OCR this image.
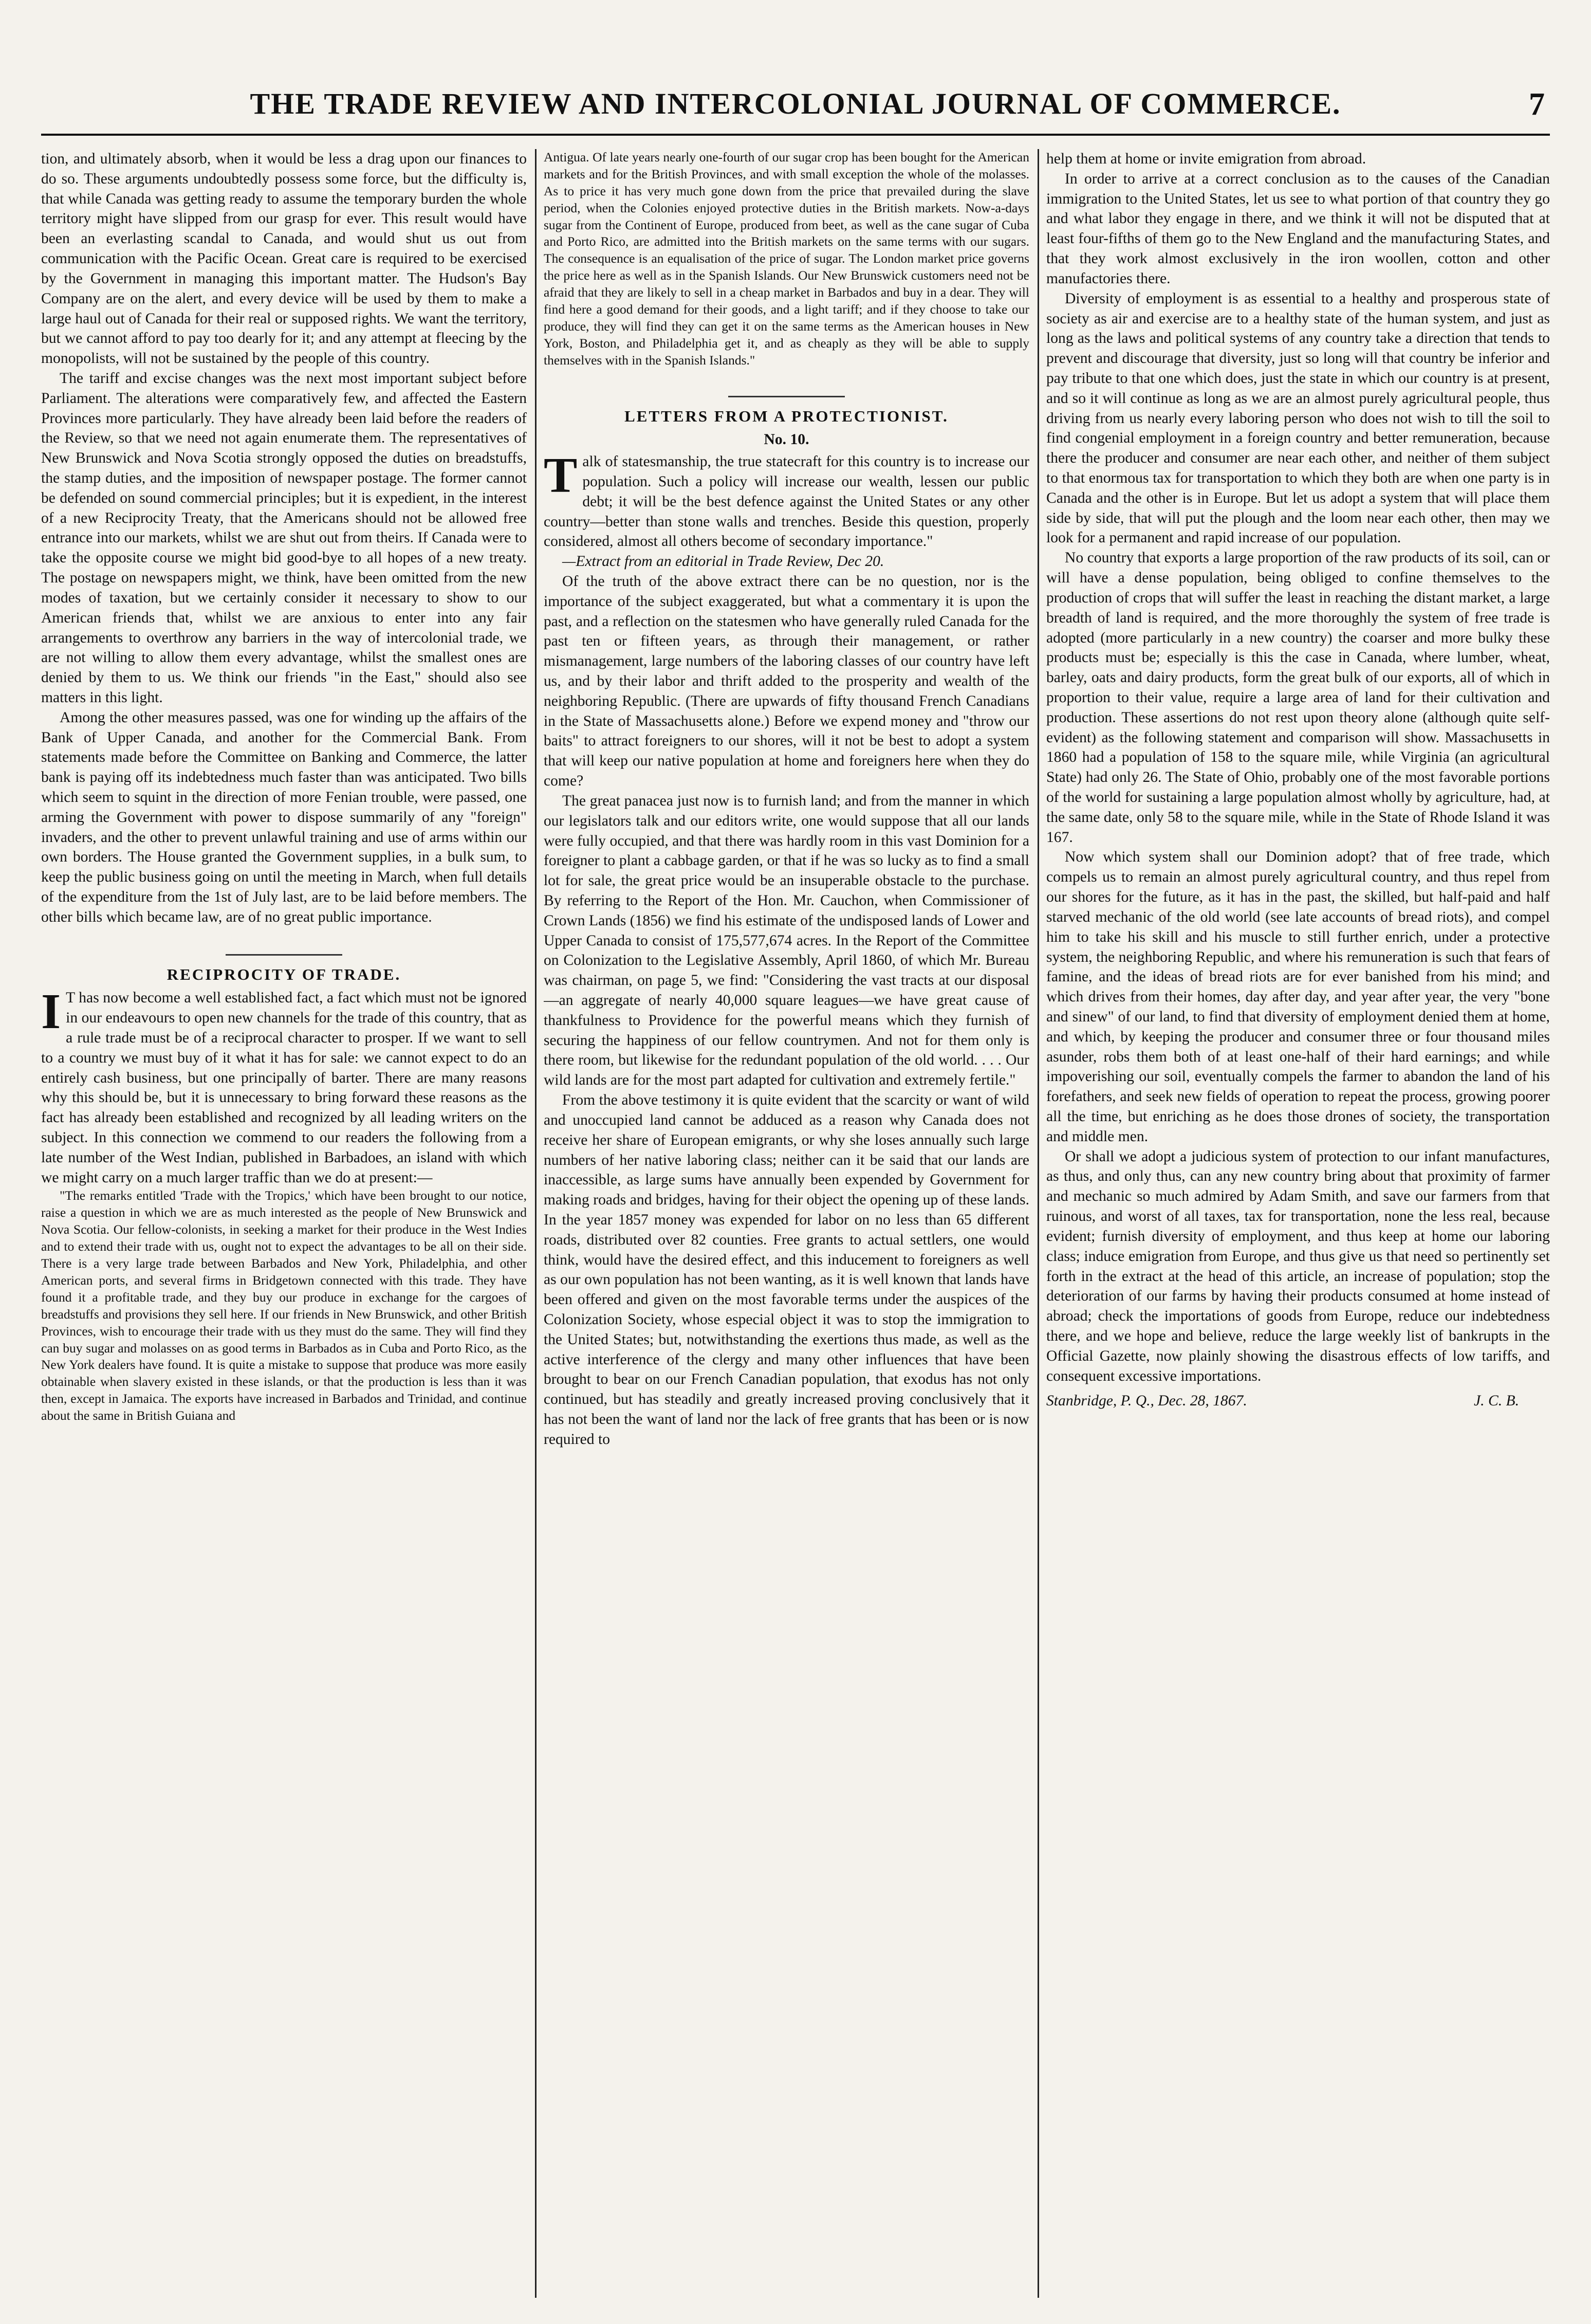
THE TRADE REVIEW AND INTERCOLONIAL JOURNAL OF COMMERCE.	7

tion, and ultimately absorb, when it would be less a drag upon our finances to do so. These arguments undoubtedly possess some force, but the difficulty is, that while Canada was getting ready to assume the temporary burden the whole territory might have slipped from our grasp for ever. This result would have been an everlasting scandal to Canada, and would shut us out from communication with the Pacific Ocean. Great care is required to be exercised by the Government in managing this important matter. The Hudson's Bay Company are on the alert, and every device will be used by them to make a large haul out of Canada for their real or supposed rights. We want the territory, but we cannot afford to pay too dearly for it; and any attempt at fleecing by the monopolists, will not be sustained by the people of this country.

The tariff and excise changes was the next most important subject before Parliament. The alterations were comparatively few, and affected the Eastern Provinces more particularly. They have already been laid before the readers of the Review, so that we need not again enumerate them. The representatives of New Brunswick and Nova Scotia strongly opposed the duties on breadstuffs, the stamp duties, and the imposition of newspaper postage. The former cannot be defended on sound commercial principles; but it is expedient, in the interest of a new Reciprocity Treaty, that the Americans should not be allowed free entrance into our markets, whilst we are shut out from theirs. If Canada were to take the opposite course we might bid good-bye to all hopes of a new treaty. The postage on newspapers might, we think, have been omitted from the new modes of taxation, but we certainly consider it necessary to show to our American friends that, whilst we are anxious to enter into any fair arrangements to overthrow any barriers in the way of intercolonial trade, we are not willing to allow them every advantage, whilst the smallest ones are denied by them to us. We think our friends "in the East," should also see matters in this light.

Among the other measures passed, was one for winding up the affairs of the Bank of Upper Canada, and another for the Commercial Bank. From statements made before the Committee on Banking and Commerce, the latter bank is paying off its indebtedness much faster than was anticipated. Two bills which seem to squint in the direction of more Fenian trouble, were passed, one arming the Government with power to dispose summarily of any "foreign" invaders, and the other to prevent unlawful training and use of arms within our own borders. The House granted the Government supplies, in a bulk sum, to keep the public business going on until the meeting in March, when full details of the expenditure from the 1st of July last, are to be laid before members. The other bills which became law, are of no great public importance.

RECIPROCITY OF TRADE.

I T has now become a well established fact, a fact which must not be ignored in our endeavours to open new channels for the trade of this country, that as a rule trade must be of a reciprocal character to prosper. If we want to sell to a country we must buy of it what it has for sale: we cannot expect to do an entirely cash business, but one principally of barter. There are many reasons why this should be, but it is unnecessary to bring forward these reasons as the fact has already been established and recognized by all leading writers on the subject. In this connection we commend to our readers the following from a late number of the West Indian, published in Barbadoes, an island with which we might carry on a much larger traffic than we do at present:—

"The remarks entitled 'Trade with the Tropics,' which have been brought to our notice, raise a question in which we are as much interested as the people of New Brunswick and Nova Scotia. Our fellow-colonists, in seeking a market for their produce in the West Indies and to extend their trade with us, ought not to expect the advantages to be all on their side. There is a very large trade between Barbados and New York, Philadelphia, and other American ports, and several firms in Bridgetown connected with this trade. They have found it a profitable trade, and they buy our produce in exchange for the cargoes of breadstuffs and provisions they sell here. If our friends in New Brunswick, and other British Provinces, wish to encourage their trade with us they must do the same. They will find they can buy sugar and molasses on as good terms in Barbados as in Cuba and Porto Rico, as the New York dealers have found. It is quite a mistake to suppose that produce was more easily obtainable when slavery existed in these islands, or that the production is less than it was then, except in Jamaica. The exports have increased in Barbados and Trinidad, and continue about the same in British Guiana and

Antigua. Of late years nearly one-fourth of our sugar crop has been bought for the American markets and for the British Provinces, and with small exception the whole of the molasses. As to price it has very much gone down from the price that prevailed during the slave period, when the Colonies enjoyed protective duties in the British markets. Now-a-days sugar from the Continent of Europe, produced from beet, as well as the cane sugar of Cuba and Porto Rico, are admitted into the British markets on the same terms with our sugars. The consequence is an equalisation of the price of sugar. The London market price governs the price here as well as in the Spanish Islands. Our New Brunswick customers need not be afraid that they are likely to sell in a cheap market in Barbados and buy in a dear. They will find here a good demand for their goods, and a light tariff; and if they choose to take our produce, they will find they can get it on the same terms as the American houses in New York, Boston, and Philadelphia get it, and as cheaply as they will be able to supply themselves with in the Spanish Islands."

LETTERS FROM A PROTECTIONIST.
No. 10.

Talk of statesmanship, the true statecraft for this country is to increase our population. Such a policy will increase our wealth, lessen our public debt; it will be the best defence against the United States or any other country—better than stone walls and trenches. Beside this question, properly considered, almost all others become of secondary importance."

—Extract from an editorial in Trade Review, Dec 20.

Of the truth of the above extract there can be no question, nor is the importance of the subject exaggerated, but what a commentary it is upon the past, and a reflection on the statesmen who have generally ruled Canada for the past ten or fifteen years, as through their management, or rather mismanagement, large numbers of the laboring classes of our country have left us, and by their labor and thrift added to the prosperity and wealth of the neighboring Republic. (There are upwards of fifty thousand French Canadians in the State of Massachusetts alone.) Before we expend money and "throw our baits" to attract foreigners to our shores, will it not be best to adopt a system that will keep our native population at home and foreigners here when they do come?

The great panacea just now is to furnish land; and from the manner in which our legislators talk and our editors write, one would suppose that all our lands were fully occupied, and that there was hardly room in this vast Dominion for a foreigner to plant a cabbage garden, or that if he was so lucky as to find a small lot for sale, the great price would be an insuperable obstacle to the purchase. By referring to the Report of the Hon. Mr. Cauchon, when Commissioner of Crown Lands (1856) we find his estimate of the undisposed lands of Lower and Upper Canada to consist of 175,577,674 acres. In the Report of the Committee on Colonization to the Legislative Assembly, April 1860, of which Mr. Bureau was chairman, on page 5, we find: "Considering the vast tracts at our disposal—an aggregate of nearly 40,000 square leagues—we have great cause of thankfulness to Providence for the powerful means which they furnish of securing the happiness of our fellow countrymen. And not for them only is there room, but likewise for the redundant population of the old world. . . . Our wild lands are for the most part adapted for cultivation and extremely fertile."

From the above testimony it is quite evident that the scarcity or want of wild and unoccupied land cannot be adduced as a reason why Canada does not receive her share of European emigrants, or why she loses annually such large numbers of her native laboring class; neither can it be said that our lands are inaccessible, as large sums have annually been expended by Government for making roads and bridges, having for their object the opening up of these lands. In the year 1857 money was expended for labor on no less than 65 different roads, distributed over 82 counties. Free grants to actual settlers, one would think, would have the desired effect, and this inducement to foreigners as well as our own population has not been wanting, as it is well known that lands have been offered and given on the most favorable terms under the auspices of the Colonization Society, whose especial object it was to stop the immigration to the United States; but, notwithstanding the exertions thus made, as well as the active interference of the clergy and many other influences that have been brought to bear on our French Canadian population, that exodus has not only continued, but has steadily and greatly increased proving conclusively that it has not been the want of land nor the lack of free grants that has been or is now required to

help them at home or invite emigration from abroad.

In order to arrive at a correct conclusion as to the causes of the Canadian immigration to the United States, let us see to what portion of that country they go and what labor they engage in there, and we think it will not be disputed that at least four-fifths of them go to the New England and the manufacturing States, and that they work almost exclusively in the iron woollen, cotton and other manufactories there.

Diversity of employment is as essential to a healthy and prosperous state of society as air and exercise are to a healthy state of the human system, and just as long as the laws and political systems of any country take a direction that tends to prevent and discourage that diversity, just so long will that country be inferior and pay tribute to that one which does, just the state in which our country is at present, and so it will continue as long as we are an almost purely agricultural people, thus driving from us nearly every laboring person who does not wish to till the soil to find congenial employment in a foreign country and better remuneration, because there the producer and consumer are near each other, and neither of them subject to that enormous tax for transportation to which they both are when one party is in Canada and the other is in Europe. But let us adopt a system that will place them side by side, that will put the plough and the loom near each other, then may we look for a permanent and rapid increase of our population.

No country that exports a large proportion of the raw products of its soil, can or will have a dense population, being obliged to confine themselves to the production of crops that will suffer the least in reaching the distant market, a large breadth of land is required, and the more thoroughly the system of free trade is adopted (more particularly in a new country) the coarser and more bulky these products must be; especially is this the case in Canada, where lumber, wheat, barley, oats and dairy products, form the great bulk of our exports, all of which in proportion to their value, require a large area of land for their cultivation and production. These assertions do not rest upon theory alone (although quite self-evident) as the following statement and comparison will show. Massachusetts in 1860 had a population of 158 to the square mile, while Virginia (an agricultural State) had only 26. The State of Ohio, probably one of the most favorable portions of the world for sustaining a large population almost wholly by agriculture, had, at the same date, only 58 to the square mile, while in the State of Rhode Island it was 167.

Now which system shall our Dominion adopt? that of free trade, which compels us to remain an almost purely agricultural country, and thus repel from our shores for the future, as it has in the past, the skilled, but half-paid and half starved mechanic of the old world (see late accounts of bread riots), and compel him to take his skill and his muscle to still further enrich, under a protective system, the neighboring Republic, and where his remuneration is such that fears of famine, and the ideas of bread riots are for ever banished from his mind; and which drives from their homes, day after day, and year after year, the very "bone and sinew" of our land, to find that diversity of employment denied them at home, and which, by keeping the producer and consumer three or four thousand miles asunder, robs them both of at least one-half of their hard earnings; and while impoverishing our soil, eventually compels the farmer to abandon the land of his forefathers, and seek new fields of operation to repeat the process, growing poorer all the time, but enriching as he does those drones of society, the transportation and middle men.

Or shall we adopt a judicious system of protection to our infant manufactures, as thus, and only thus, can any new country bring about that proximity of farmer and mechanic so much admired by Adam Smith, and save our farmers from that ruinous, and worst of all taxes, tax for transportation, none the less real, because evident; furnish diversity of employment, and thus keep at home our laboring class; induce emigration from Europe, and thus give us that need so pertinently set forth in the extract at the head of this article, an increase of population; stop the deterioration of our farms by having their products consumed at home instead of abroad; check the importations of goods from Europe, reduce our indebtedness there, and we hope and believe, reduce the large weekly list of bankrupts in the Official Gazette, now plainly showing the disastrous effects of low tariffs, and consequent excessive importations.

Stanbridge, P. Q., Dec. 28, 1867.	J. C. B.
